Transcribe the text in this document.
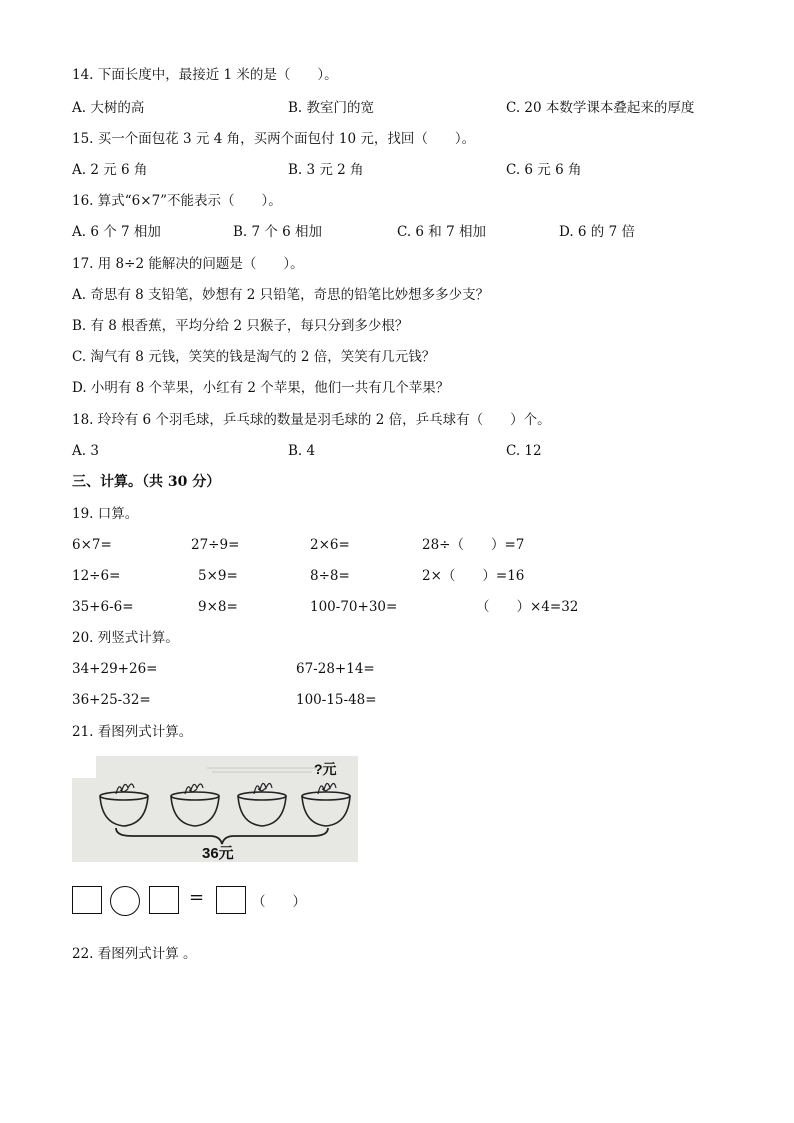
14. 下面长度中，最接近 1 米的是（　　）。
A. 大树的高	B. 教室门的宽	C. 20 本数学课本叠起来的厚度
15. 买一个面包花 3 元 4 角，买两个面包付 10 元，找回（　　）。
A. 2 元 6 角	B. 3 元 2 角	C. 6 元 6 角
16. 算式“6×7”不能表示（　　）。
A. 6 个 7 相加	B. 7 个 6 相加	C. 6 和 7 相加	D. 6 的 7 倍
17. 用 8÷2 能解决的问题是（　　）。
A. 奇思有 8 支铅笔，妙想有 2 只铅笔，奇思的铅笔比妙想多多少支？
B. 有 8 根香蕉，平均分给 2 只猴子，每只分到多少根？
C. 淘气有 8 元钱，笑笑的钱是淘气的 2 倍，笑笑有几元钱？
D. 小明有 8 个苹果，小红有 2 个苹果，他们一共有几个苹果？
18. 玲玲有 6 个羽毛球，乒乓球的数量是羽毛球的 2 倍，乒乓球有（　　）个。
A. 3	B. 4	C. 12
三、计算。（共 30 分）
19. 口算。
6×7=	27÷9=	2×6=	28÷（　　）=7
12÷6=	5×9=	8÷8=	2×（　　）=16
35+6-6=	9×8=	100-70+30=	（　　）×4=32
20. 列竖式计算。
34+29+26=	67-28+14=
36+25-32=	100-15-48=
21. 看图列式计算。
?元
36元
=	（　　）
22. 看图列式计算 。
